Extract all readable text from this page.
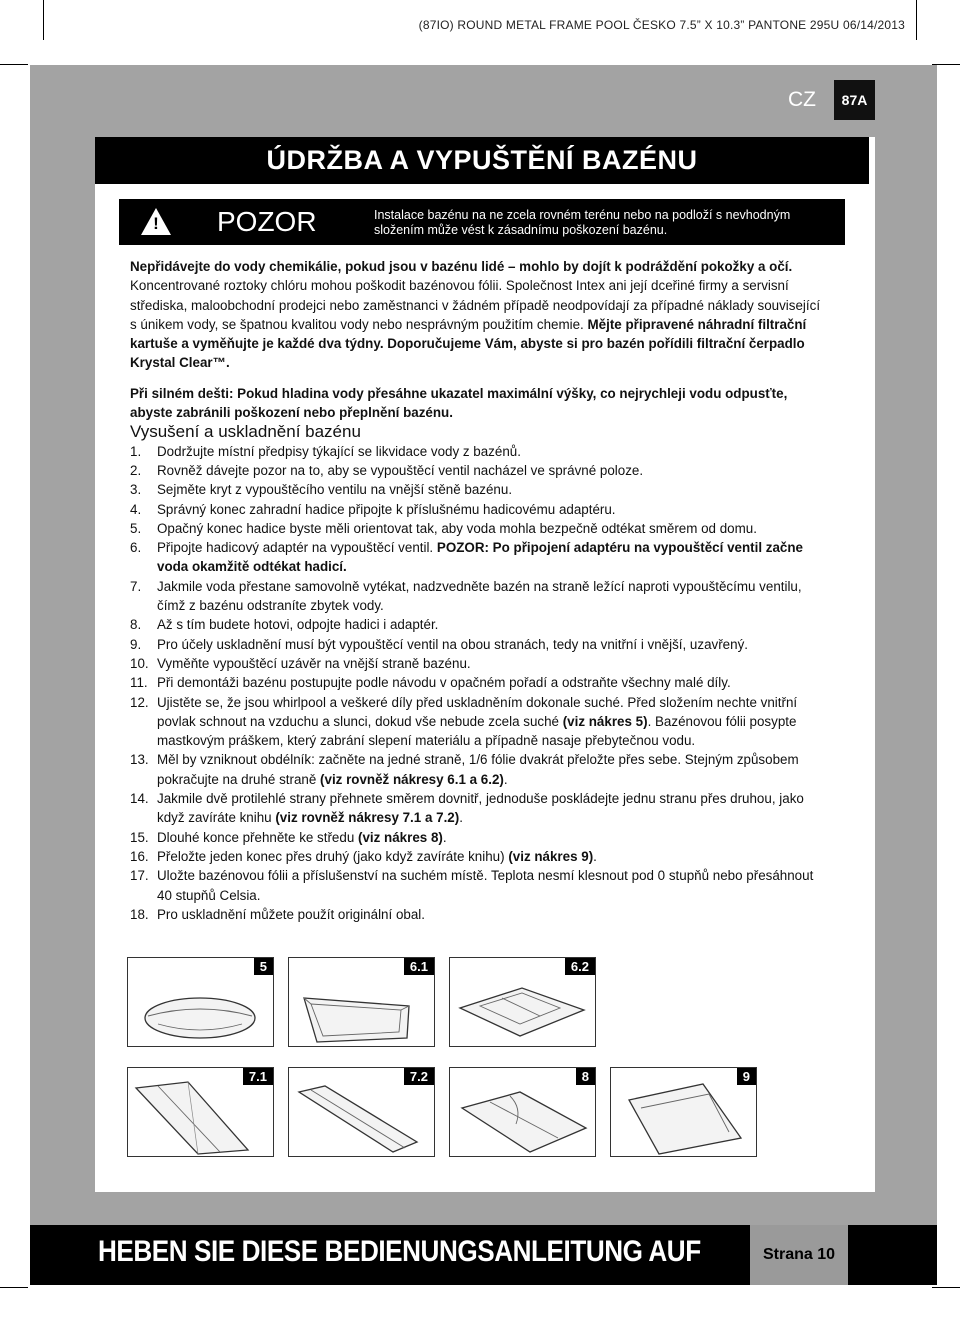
(87IO) ROUND METAL FRAME POOL ČESKO 7.5” X 10.3” PANTONE 295U 06/14/2013
CZ	87A
ÚDRŽBA A VYPUŠTĚNÍ BAZÉNU
! POZOR	Instalace bazénu na ne zcela rovném terénu nebo na podloží s nevhodným složením může vést k zásadnímu poškození bazénu.

Nepřidávejte do vody chemikálie, pokud jsou v bazénu lidé – mohlo by dojít k podráždění pokožky a očí. Koncentrované roztoky chlóru mohou poškodit bazénovou fólii. Společnost Intex ani její dceřiné firmy a servisní střediska, maloobchodní prodejci nebo zaměstnanci v žádném případě neodpovídají za případné náklady související s únikem vody, se špatnou kvalitou vody nebo nesprávným použitím chemie. Mějte připravené náhradní filtrační kartuše a vyměňujte je každé dva týdny. Doporučujeme Vám, abyste si pro bazén pořídili filtrační čerpadlo Krystal Clear™.

Při silném dešti: Pokud hladina vody přesáhne ukazatel maximální výšky, co nejrychleji vodu odpusťte, abyste zabránili poškození nebo přeplnění bazénu.

Vysušení a uskladnění bazénu

1. Dodržujte místní předpisy týkající se likvidace vody z bazénů.
2. Rovněž dávejte pozor na to, aby se vypouštěcí ventil nacházel ve správné poloze.
3. Sejměte kryt z vypouštěcího ventilu na vnější stěně bazénu.
4. Správný konec zahradní hadice připojte k příslušnému hadicovému adaptéru.
5. Opačný konec hadice byste měli orientovat tak, aby voda mohla bezpečně odtékat směrem od domu.
6. Připojte hadicový adaptér na vypouštěcí ventil. POZOR: Po připojení adaptéru na vypouštěcí ventil začne voda okamžitě odtékat hadicí.
7. Jakmile voda přestane samovolně vytékat, nadzvedněte bazén na straně ležící naproti vypouštěcímu ventilu, čímž z bazénu odstraníte zbytek vody.
8. Až s tím budete hotovi, odpojte hadici i adaptér.
9. Pro účely uskladnění musí být vypouštěcí ventil na obou stranách, tedy na vnitřní i vnější, uzavřený.
10. Vyměňte vypouštěcí uzávěr na vnější straně bazénu.
11. Při demontáži bazénu postupujte podle návodu v opačném pořadí a odstraňte všechny malé díly.
12. Ujistěte se, že jsou whirlpool a veškeré díly před uskladněním dokonale suché. Před složením nechte vnitřní povlak schnout na vzduchu a slunci, dokud vše nebude zcela suché (viz nákres 5). Bazénovou fólii posypte mastkovým práškem, který zabrání slepení materiálu a případně nasaje přebytečnou vodu.
13. Měl by vzniknout obdélník: začněte na jedné straně, 1/6 fólie dvakrát přeložte přes sebe. Stejným způsobem pokračujte na druhé straně (viz rovněž nákresy 6.1 a 6.2).
14. Jakmile dvě protilehlé strany přehnete směrem dovnitř, jednoduše poskládejte jednu stranu přes druhou, jako když zavíráte knihu (viz rovněž nákresy 7.1 a 7.2).
15. Dlouhé konce přehněte ke středu (viz nákres 8).
16. Přeložte jeden konec přes druhý (jako když zavíráte knihu) (viz nákres 9).
17. Uložte bazénovou fólii a příslušenství na suchém místě. Teplota nesmí klesnout pod 0 stupňů nebo přesáhnout 40 stupňů Celsia.
18. Pro uskladnění můžete použít originální obal.
5	6.1	6.2
7.1	7.2	8	9
HEBEN SIE DIESE BEDIENUNGSANLEITUNG AUF	Strana 10
